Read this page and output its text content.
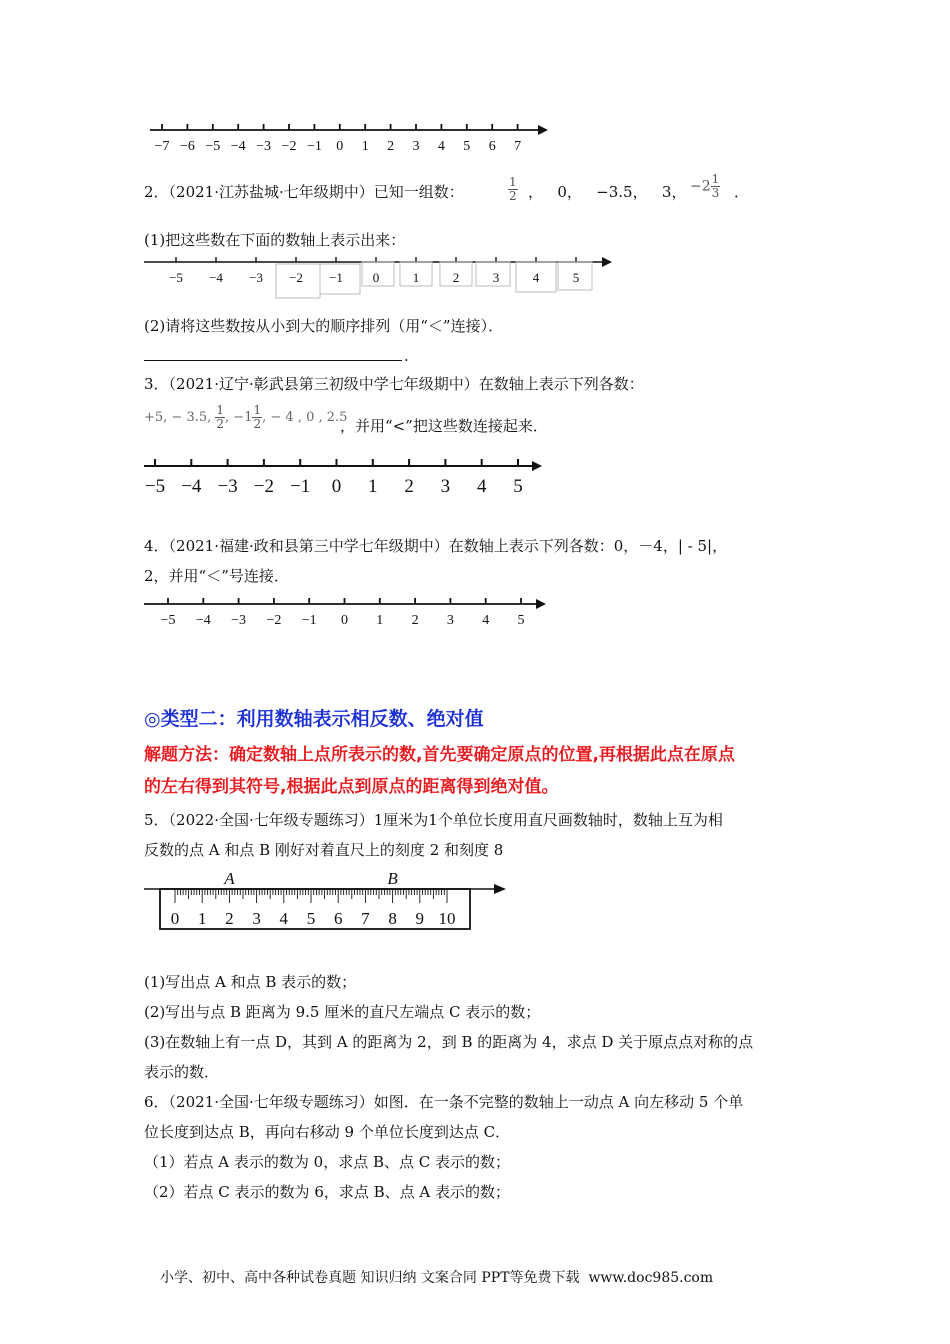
−7 −6 −5 −4 −3 −2 −1 0 1 2 3 4 5 6 7
2．（2021·江苏盐城·七年级期中）已知一组数：	$\frac{1}{2}$ ，   0， −3.5， 3， $-2 \frac{1}{3}$ ．
(1)把这些数在下面的数轴上表示出来：
−5 −4 −3 −2 −1 0	1	2	3	4	5
(2)请将这些数按从小到大的顺序排列（用“＜”连接）．
.
3．（2021·辽宁·彰武县第三初级中学七年级期中）在数轴上表示下列各数：
+5, − 3.5, $\frac{1}{2}$ , $-1 \frac{1}{2}$ , − 4 , 0 , 2.5
，并用“<”把这些数连接起来．
−5 −4 −3 −2 −1 0 1 2 3 4 5
4．（2021·福建·政和县第三中学七年级期中）在数轴上表示下列各数：0，－4，| - 5|，
2，并用“＜”号连接．
−5 −4 −3 −2 −1 0 1 2 3 4 5
◎类型二：利用数轴表示相反数、绝对值
解题方法：确定数轴上点所表示的数,首先要确定原点的位置,再根据此点在原点
的左右得到其符号,根据此点到原点的距离得到绝对值。
5．（2022·全国·七年级专题练习）1厘米为1个单位长度用直尺画数轴时，数轴上互为相
反数的点 A 和点 B 刚好对着直尺上的刻度 2 和刻度 8
0 1 2 3 4 5 6 7 8 9 10
A	B
(1)写出点 A 和点 B 表示的数；
(2)写出与点 B 距离为 9.5 厘米的直尺左端点 C 表示的数；
(3)在数轴上有一点 D，其到 A 的距离为 2，到 B 的距离为 4，求点 D 关于原点点对称的点
表示的数．
6．（2021·全国·七年级专题练习）如图．在一条不完整的数轴上一动点 A 向左移动 5 个单
位长度到达点 B，再向右移动 9 个单位长度到达点 C．
（1）若点 A 表示的数为 0，求点 B、点 C 表示的数；
（2）若点 C 表示的数为 6，求点 B、点 A 表示的数；
小学、初中、高中各种试卷真题 知识归纳 文案合同 PPT等免费下载 www.doc985.com
